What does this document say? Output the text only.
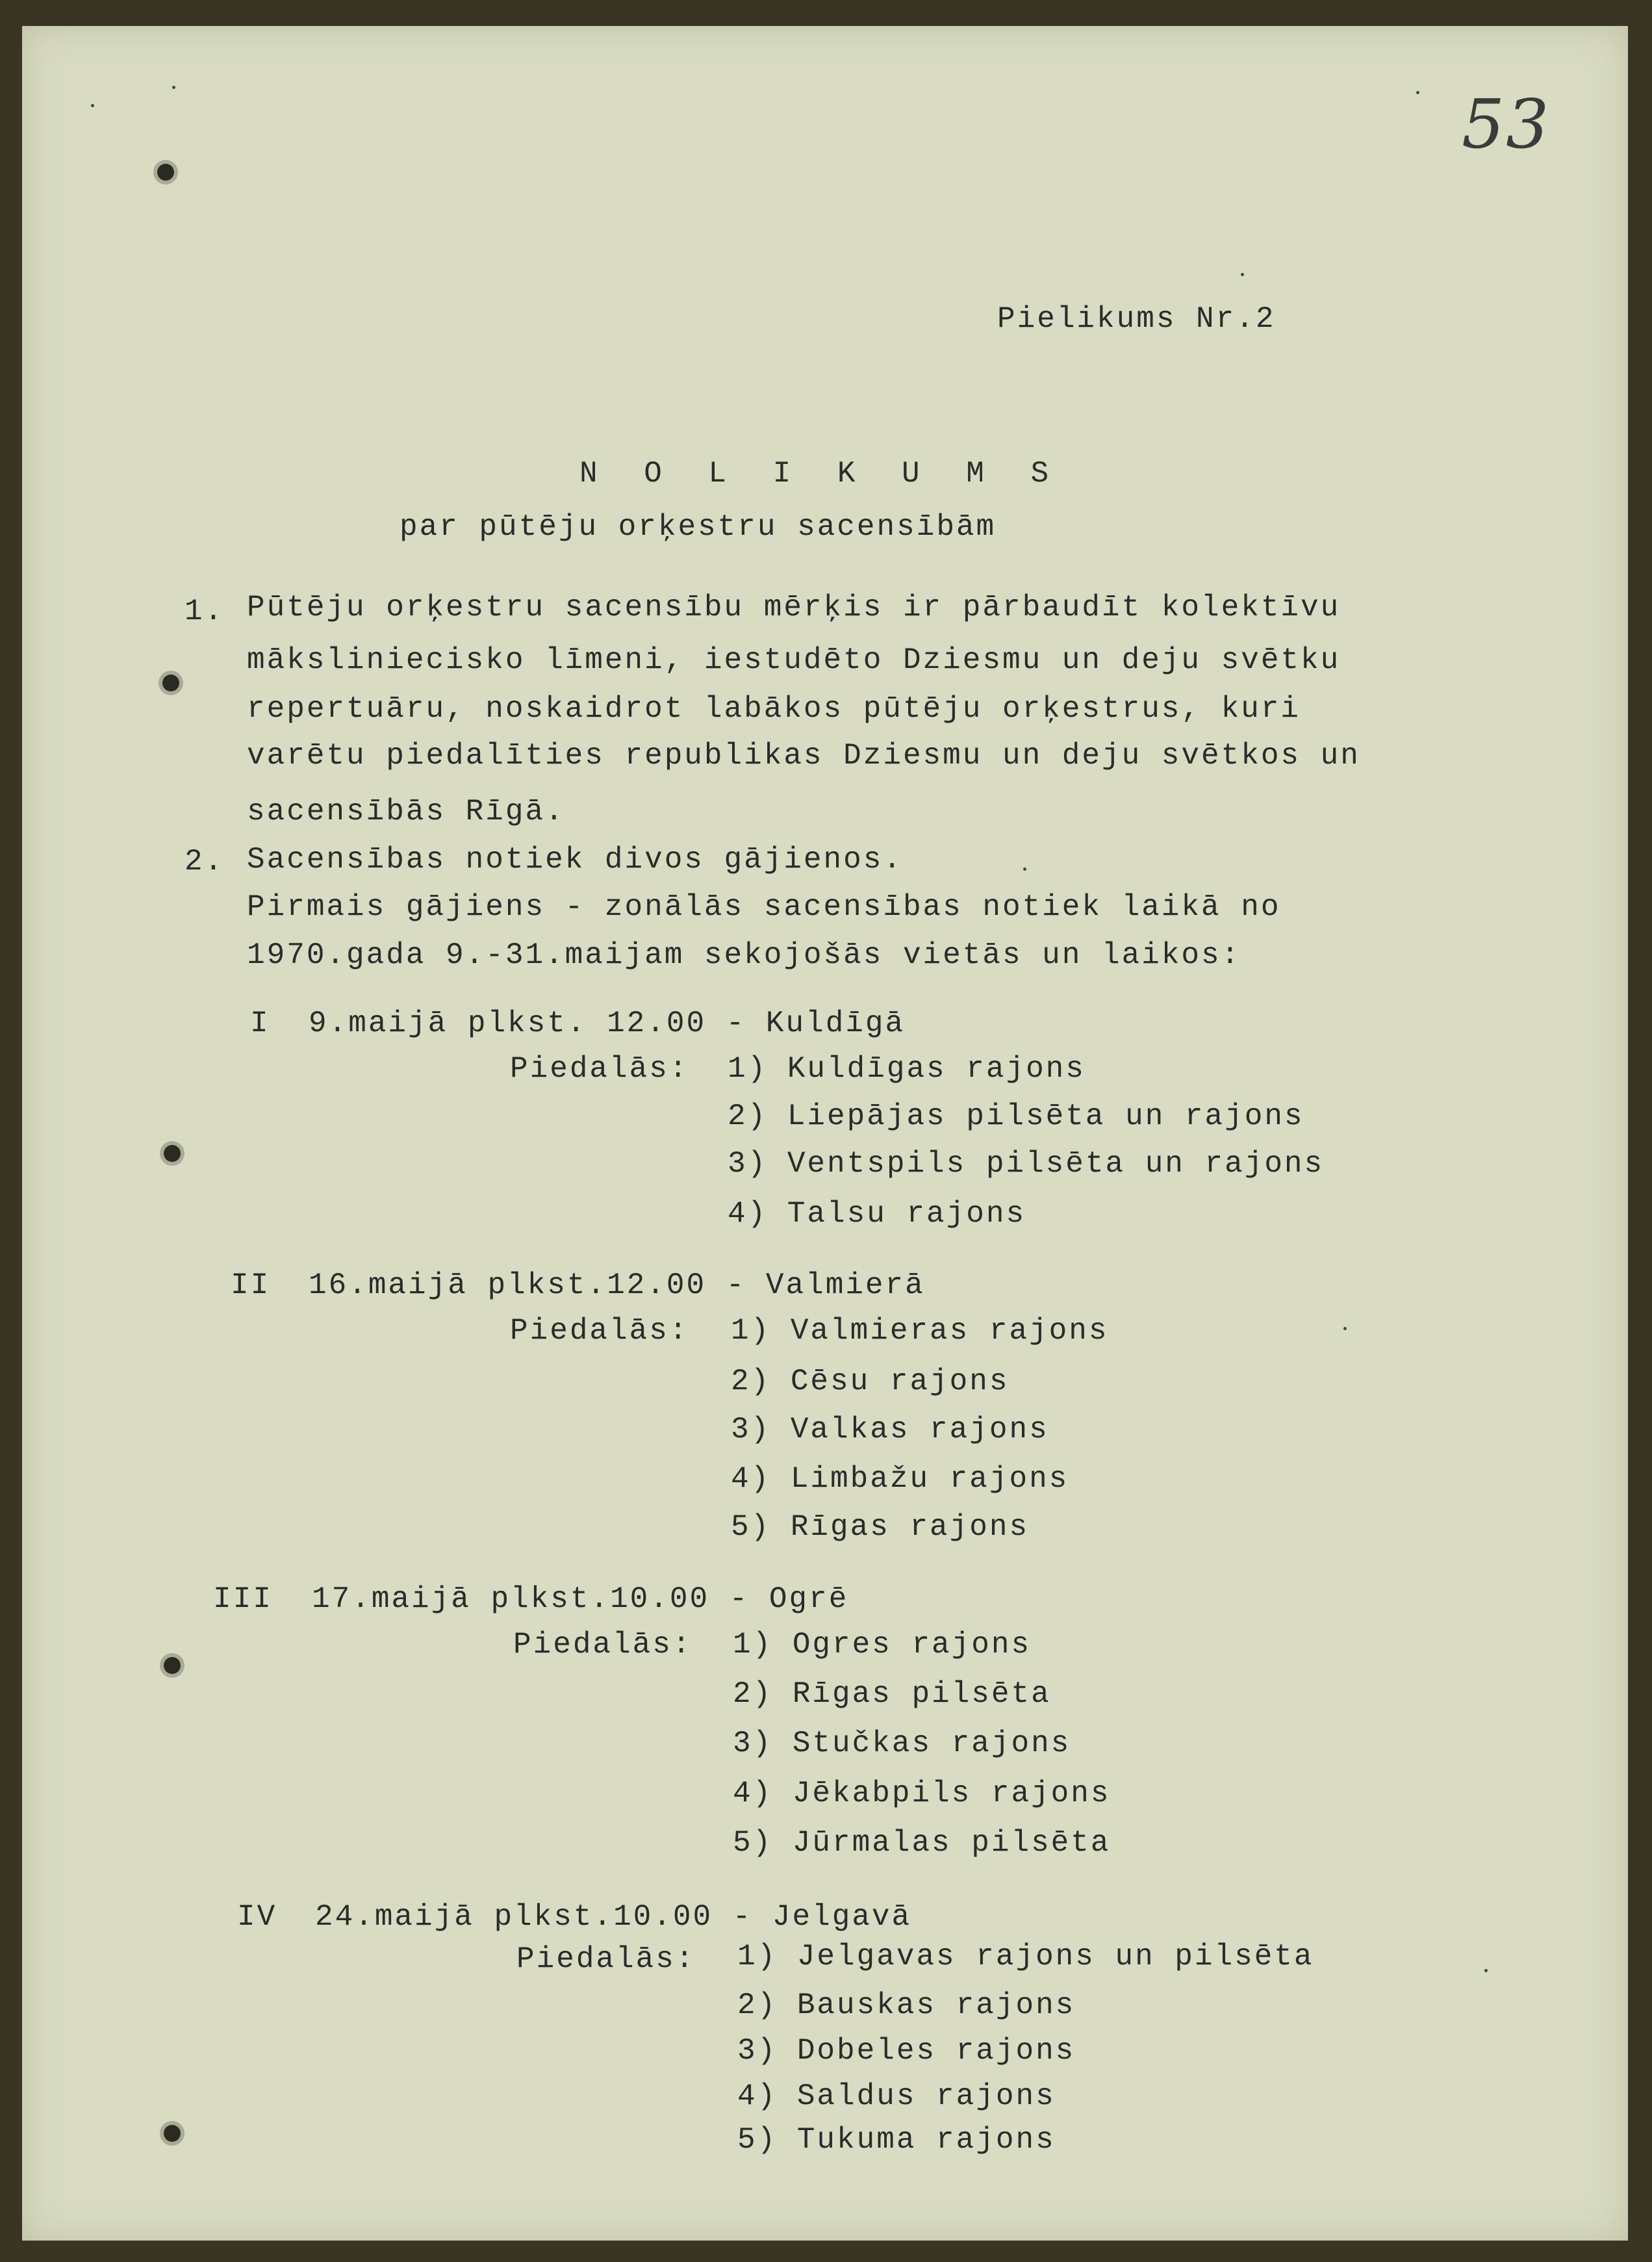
53
Pielikums Nr.2
N O L I K U M S
par pūtēju orķestru sacensībām
1. Pūtēju orķestru sacensību mērķis ir pārbaudīt kolektīvu
mākslinieciskо līmeni, iestudēto Dziesmu un deju svētku
repertuāru, noskaidrot labākos pūtēju orķestrus, kuri
varētu piedalīties republikas Dziesmu un deju svētkos un
sacensībās Rīgā.
2. Sacensības notiek divos gājienos.
Pirmais gājiens - zonālās sacensības notiek laikā no
1970.gada 9.-31.maijam sekojošās vietās un laikos:
I 9.maijā plkst. 12.00 - Kuldīgā
Piedalās: 1) Kuldīgas rajons
2) Liepājas pilsēta un rajons
3) Ventspils pilsēta un rajons
4) Talsu rajons
II 16.maijā plkst.12.00 - Valmierā
Piedalās: 1) Valmieras rajons
2) Cēsu rajons
3) Valkas rajons
4) Limbažu rajons
5) Rīgas rajons
III 17.maijā plkst.10.00 - Ogrē
Piedalās: 1) Ogres rajons
2) Rīgas pilsēta
3) Stučkas rajons
4) Jēkabpils rajons
5) Jūrmalas pilsēta
IV 24.maijā plkst.10.00 - Jelgavā
Piedalās: 1) Jelgavas rajons un pilsēta
2) Bauskas rajons
3) Dobeles rajons
4) Saldus rajons
5) Tukuma rajons
